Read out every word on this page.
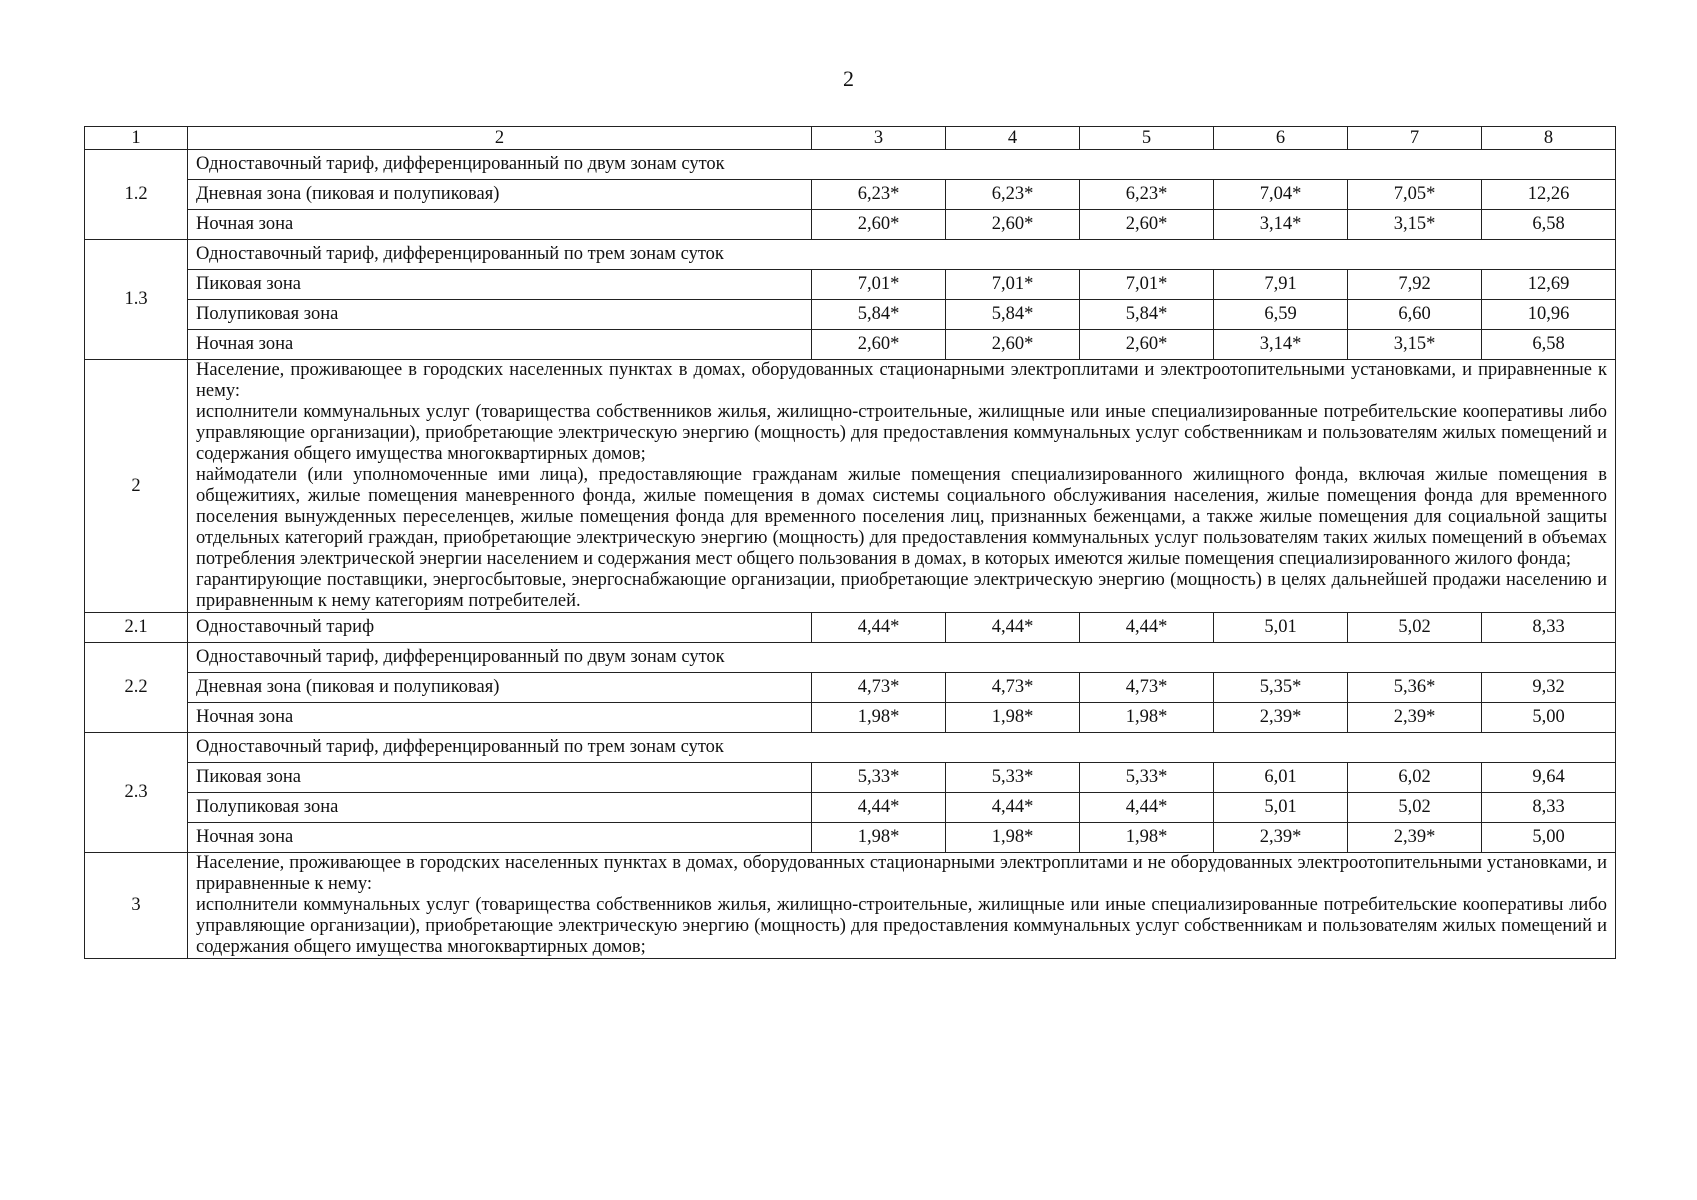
2
1	2	3	4	5	6	7	8
1.2	Одноставочный тариф, дифференцированный по двум зонам суток						
	Дневная зона (пиковая и полупиковая)	6,23*	6,23*	6,23*	7,04*	7,05*	12,26
	Ночная зона	2,60*	2,60*	2,60*	3,14*	3,15*	6,58
1.3	Одноставочный тариф, дифференцированный по трем зонам суток						
	Пиковая зона	7,01*	7,01*	7,01*	7,91	7,92	12,69
	Полупиковая зона	5,84*	5,84*	5,84*	6,59	6,60	10,96
	Ночная зона	2,60*	2,60*	2,60*	3,14*	3,15*	6,58
2	Население, проживающее в городских населенных пунктах в домах, оборудованных стационарными электроплитами и электроотопительными установками, и приравненные к нему:

исполнители коммунальных услуг (товарищества собственников жилья, жилищно-строительные, жилищные или иные специализированные потребительские кооперативы либо управляющие организации), приобретающие электрическую энергию (мощность) для предоставления коммунальных услуг собственникам и пользователям жилых помещений и содержания общего имущества многоквартирных домов;

наймодатели (или уполномоченные ими лица), предоставляющие гражданам жилые помещения специализированного жилищного фонда, включая жилые помещения в общежитиях, жилые помещения маневренного фонда, жилые помещения в домах системы социального обслуживания населения, жилые помещения фонда для временного поселения вынужденных переселенцев, жилые помещения фонда для временного поселения лиц, признанных беженцами, а также жилые помещения для социальной защиты отдельных категорий граждан, приобретающие электрическую энергию (мощность) для предоставления коммунальных услуг пользователям таких жилых помещений в объемах потребления электрической энергии населением и содержания мест общего пользования в домах, в которых имеются жилые помещения специализированного жилого фонда;

гарантирующие поставщики, энергосбытовые, энергоснабжающие организации, приобретающие электрическую энергию (мощность) в целях дальнейшей продажи населению и приравненным к нему категориям потребителей.						

2.1	Одноставочный тариф	4,44*	4,44*	4,44*	5,01	5,02	8,33
2.2	Одноставочный тариф, дифференцированный по двум зонам суток						
	Дневная зона (пиковая и полупиковая)	4,73*	4,73*	4,73*	5,35*	5,36*	9,32
	Ночная зона	1,98*	1,98*	1,98*	2,39*	2,39*	5,00
2.3	Одноставочный тариф, дифференцированный по трем зонам суток						
	Пиковая зона	5,33*	5,33*	5,33*	6,01	6,02	9,64
	Полупиковая зона	4,44*	4,44*	4,44*	5,01	5,02	8,33
	Ночная зона	1,98*	1,98*	1,98*	2,39*	2,39*	5,00
3	Население, проживающее в городских населенных пунктах в домах, оборудованных стационарными электроплитами и не оборудованных электроотопительными установками, и приравненные к нему:

исполнители коммунальных услуг (товарищества собственников жилья, жилищно-строительные, жилищные или иные специализированные потребительские кооперативы либо управляющие организации), приобретающие электрическую энергию (мощность) для предоставления коммунальных услуг собственникам и пользователям жилых помещений и содержания общего имущества многоквартирных домов;						
